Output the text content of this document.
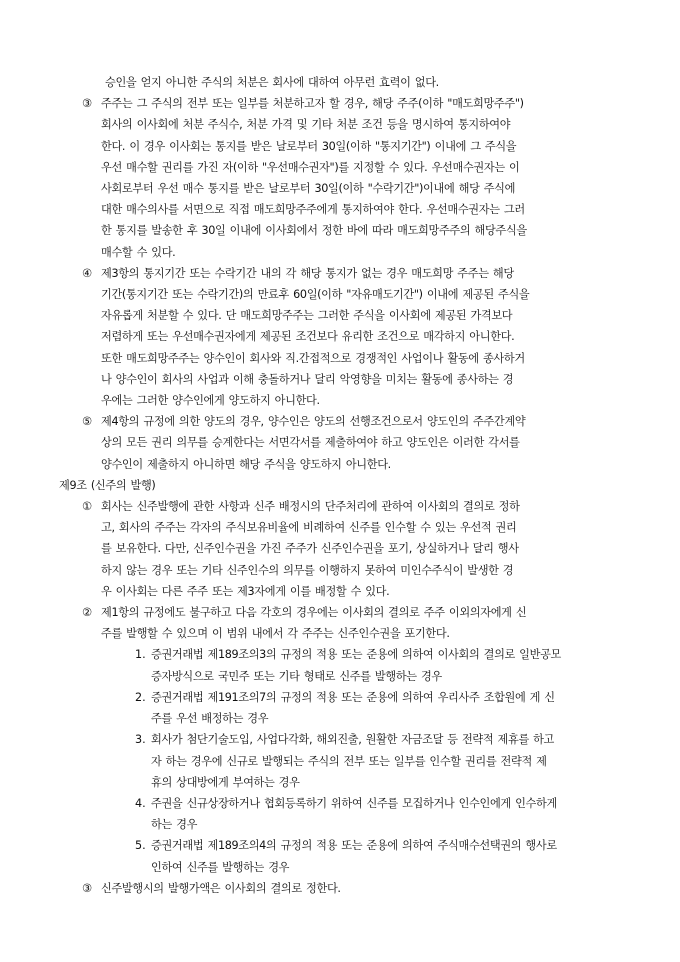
승인을 얻지 아니한 주식의 처분은 회사에 대하여 아무런 효력이 없다.
③ 주주는 그 주식의 전부 또는 일부를 처분하고자 할 경우, 해당 주주(이하 "매도희망주주")
회사의 이사회에 처분 주식수, 처분 가격 및 기타 처분 조건 등을 명시하여 통지하여야
한다. 이 경우 이사회는 통지를 받은 날로부터 30일(이하 "통지기간") 이내에 그 주식을
우선 매수할 권리를 가진 자(이하 "우선매수권자")를 지정할 수 있다. 우선매수권자는 이
사회로부터 우선 매수 통지를 받은 날로부터 30일(이하 "수락기간")이내에 해당 주식에
대한 매수의사를 서면으로 직접 매도희망주주에게 통지하여야 한다. 우선매수권자는 그러
한 통지를 발송한 후 30일 이내에 이사회에서 정한 바에 따라 매도희망주주의 해당주식을
매수할 수 있다.
④ 제3항의 통지기간 또는 수락기간 내의 각 해당 통지가 없는 경우 매도희망 주주는 해당
기간(통지기간 또는 수락기간)의 만료후 60일(이하 "자유매도기간") 이내에 제공된 주식을
자유롭게 처분할 수 있다. 단 매도희망주주는 그러한 주식을 이사회에 제공된 가격보다
저렴하게 또는 우선매수권자에게 제공된 조건보다 유리한 조건으로 매각하지 아니한다.
또한 매도희망주주는 양수인이 회사와 직.간접적으로 경쟁적인 사업이나 활동에 종사하거
나 양수인이 회사의 사업과 이해 충돌하거나 달리 악영향을 미치는 활동에 종사하는 경
우에는 그러한 양수인에게 양도하지 아니한다.
⑤ 제4항의 규정에 의한 양도의 경우, 양수인은 양도의 선행조건으로서 양도인의 주주간계약
상의 모든 권리 의무를 승계한다는 서면각서를 제출하여야 하고 양도인은 이러한 각서를
양수인이 제출하지 아니하면 해당 주식을 양도하지 아니한다.
제9조 (신주의 발행)
① 회사는 신주발행에 관한 사항과 신주 배정시의 단주처리에 관하여 이사회의 결의로 정하
고, 회사의 주주는 각자의 주식보유비율에 비례하여 신주를 인수할 수 있는 우선적 권리
를 보유한다. 다만, 신주인수권을 가진 주주가 신주인수권을 포기, 상실하거나 달리 행사
하지 않는 경우 또는 기타 신주인수의 의무를 이행하지 못하여 미인수주식이 발생한 경
우 이사회는 다른 주주 또는 제3자에게 이를 배정할 수 있다.
② 제1항의 규정에도 불구하고 다음 각호의 경우에는 이사회의 결의로 주주 이외의자에게 신
주를 발행할 수 있으며 이 범위 내에서 각 주주는 신주인수권을 포기한다.
1. 증권거래법 제189조의3의 규정의 적용 또는 준용에 의하여 이사회의 결의로 일반공모
증자방식으로 국민주 또는 기타 형태로 신주를 발행하는 경우
2. 증권거래법 제191조의7의 규정의 적용 또는 준용에 의하여 우리사주 조합원에 게 신
주를 우선 배정하는 경우
3. 회사가 첨단기술도입, 사업다각화, 해외진출, 원활한 자금조달 등 전략적 제휴를 하고
자 하는 경우에 신규로 발행되는 주식의 전부 또는 일부를 인수할 권리를 전략적 제
휴의 상대방에게 부여하는 경우
4. 주권을 신규상장하거나 협회등록하기 위하여 신주를 모집하거나 인수인에게 인수하게
하는 경우
5. 증권거래법 제189조의4의 규정의 적용 또는 준용에 의하여 주식매수선택권의 행사로
인하여 신주를 발행하는 경우
③ 신주발행시의 발행가액은 이사회의 결의로 정한다.
